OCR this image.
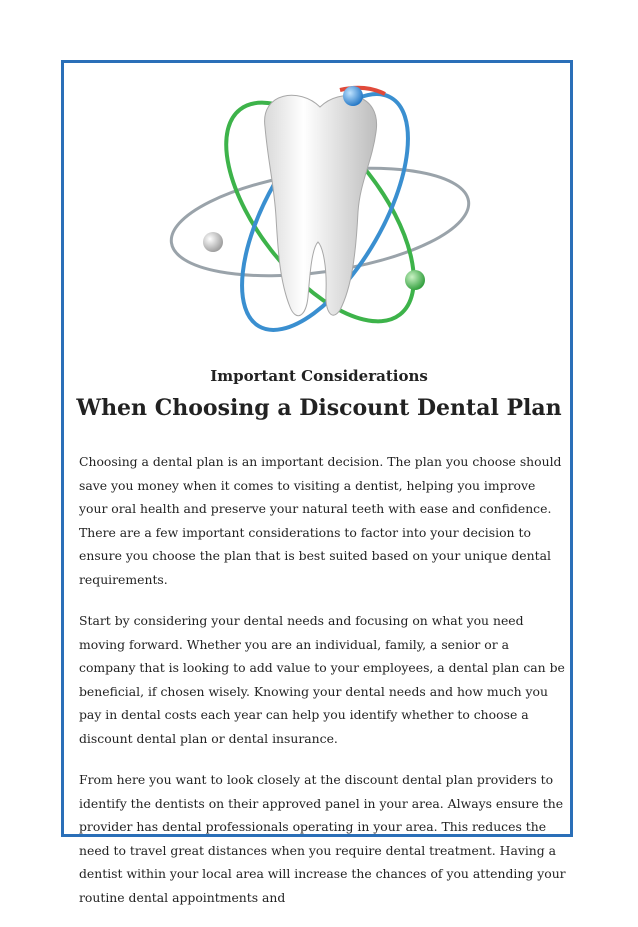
Important Considerations
When Choosing a Discount Dental Plan

Choosing a dental plan is an important decision. The plan you choose should save you money when it comes to visiting a dentist, helping you improve your oral health and preserve your natural teeth with ease and confidence. There are a few important considerations to factor into your decision to ensure you choose the plan that is best suited based on your unique dental requirements.

Start by considering your dental needs and focusing on what you need moving forward. Whether you are an individual, family, a senior or a company that is looking to add value to your employees, a dental plan can be beneficial, if chosen wisely. Knowing your dental needs and how much you pay in dental costs each year can help you identify whether to choose a discount dental plan or dental insurance.

From here you want to look closely at the discount dental plan providers to identify the dentists on their approved panel in your area. Always ensure the provider has dental professionals operating in your area. This reduces the need to travel great distances when you require dental treatment. Having a dentist within your local area will increase the chances of you attending your routine dental appointments and
